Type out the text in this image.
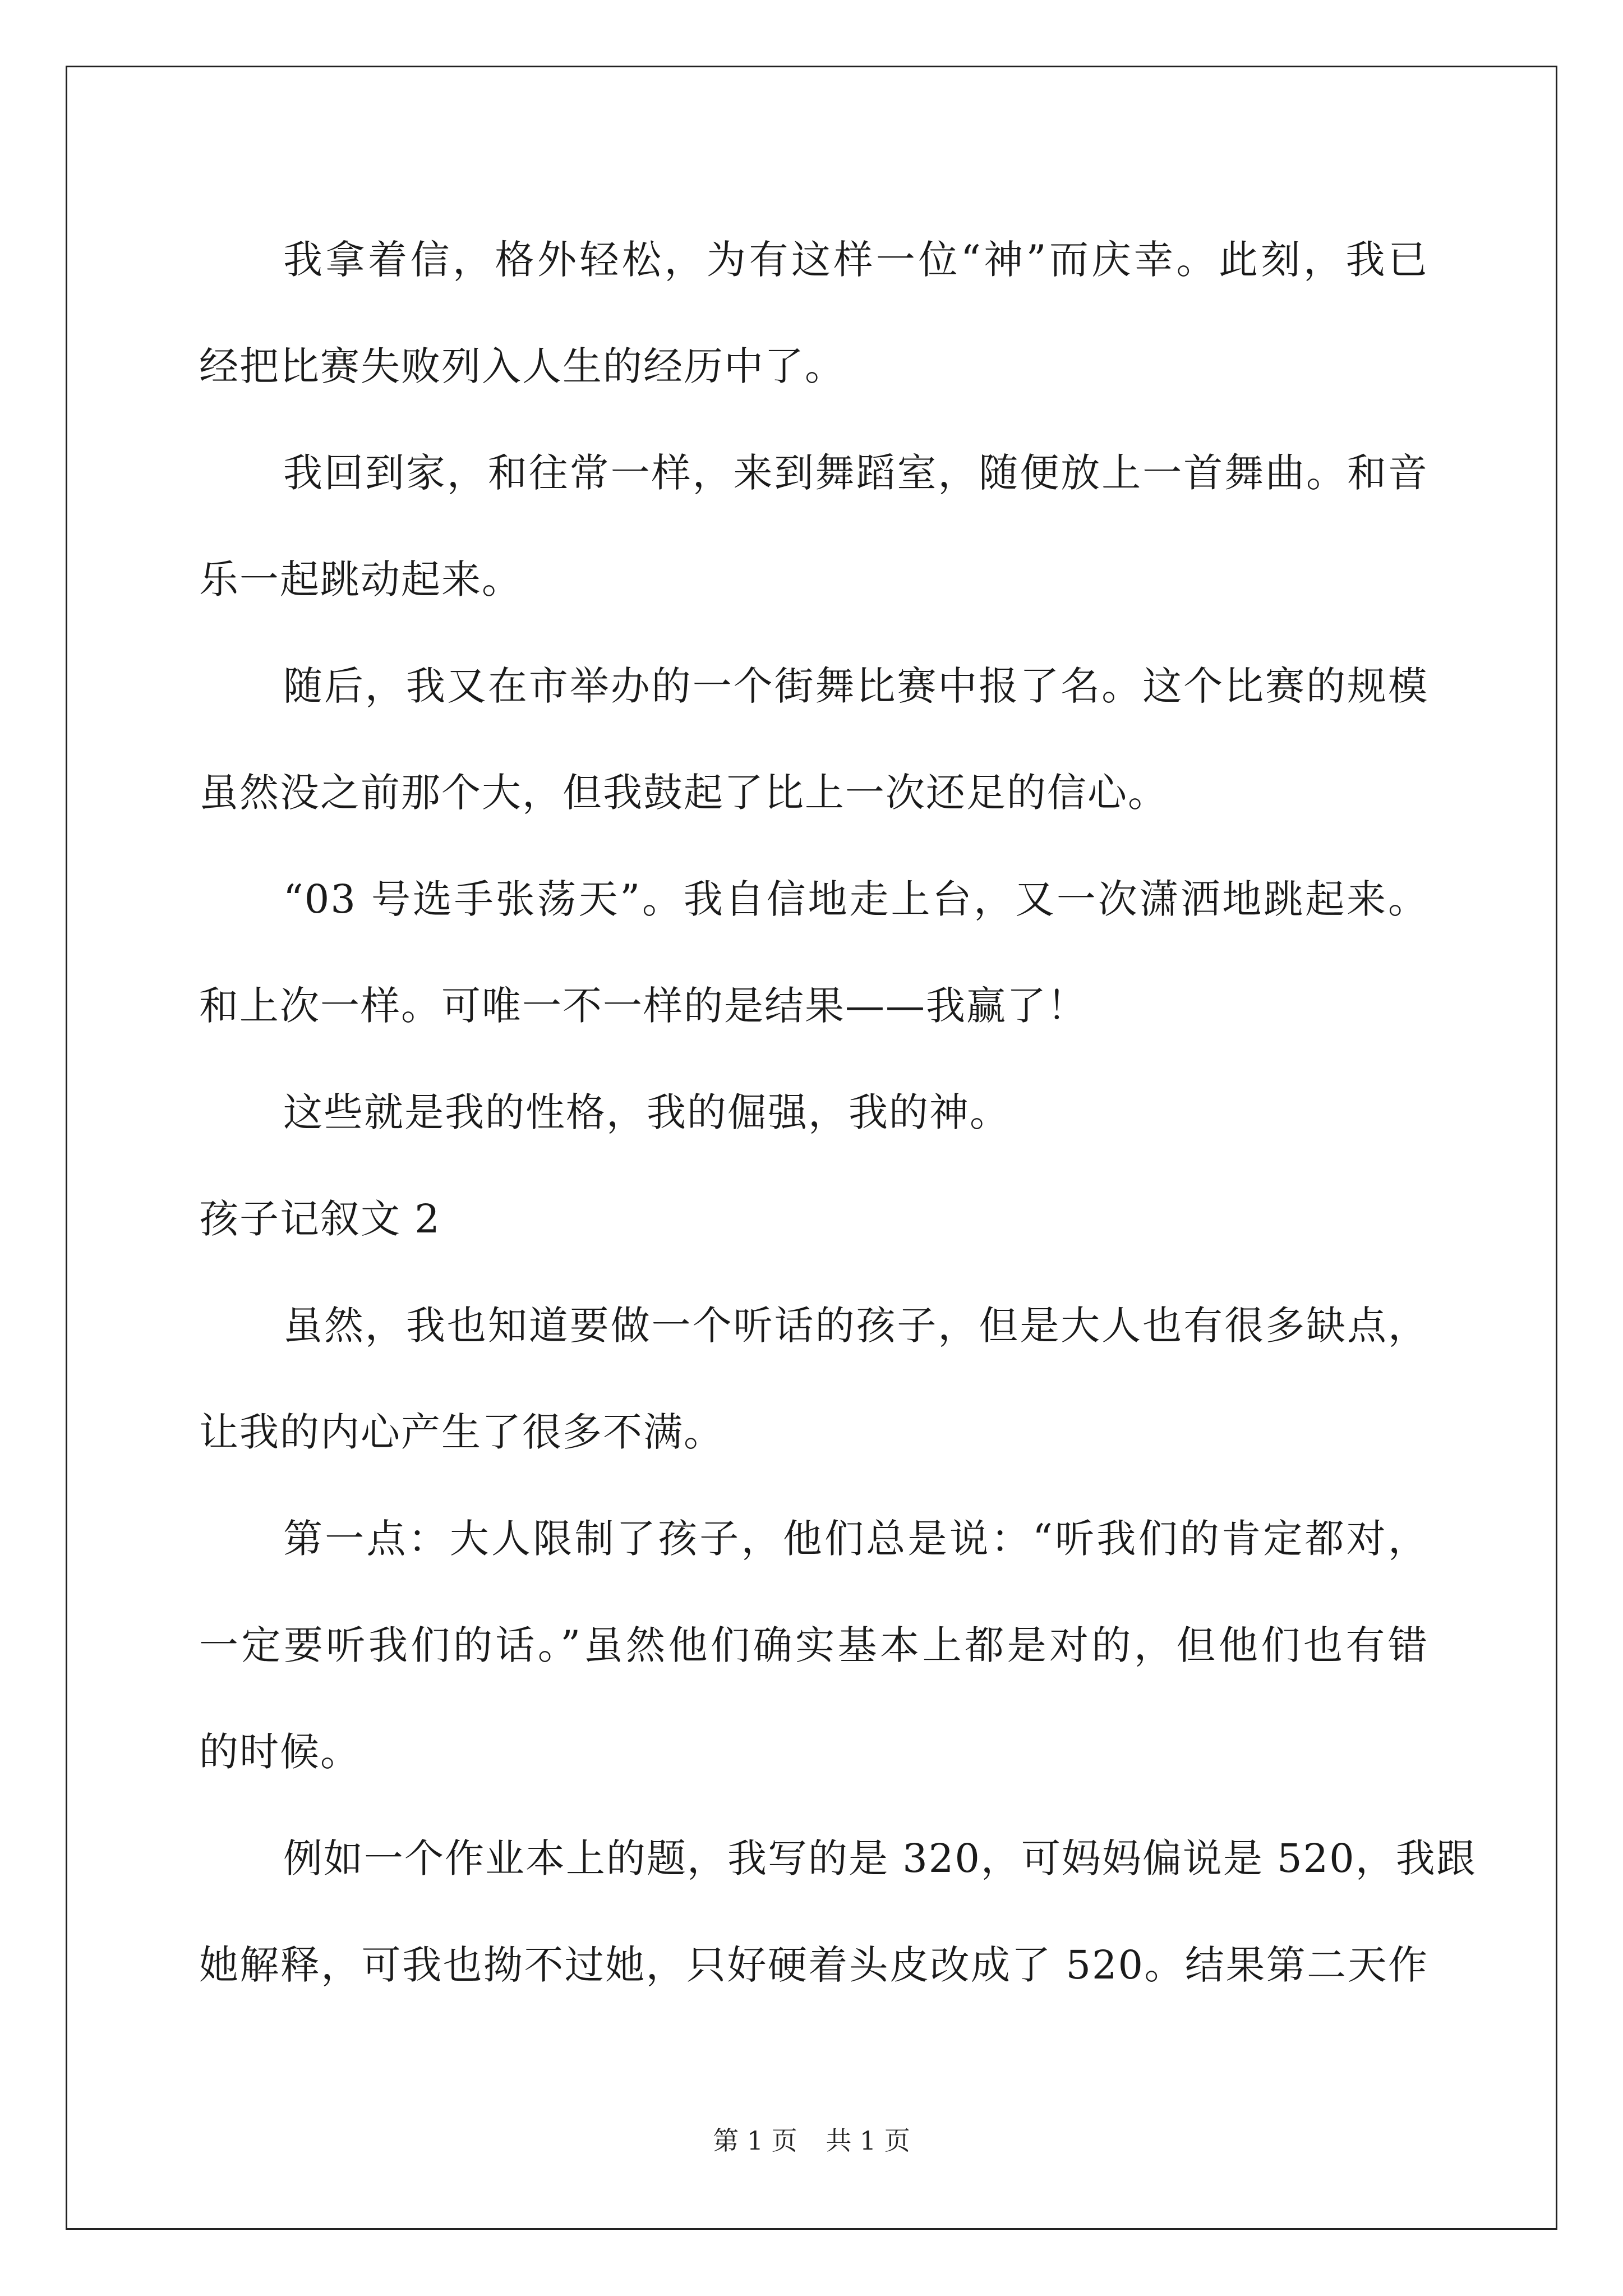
我拿着信，格外轻松，为有这样一位“神”而庆幸。此刻，我已

经把比赛失败列入人生的经历中了。

我回到家，和往常一样，来到舞蹈室，随便放上一首舞曲。和音

乐一起跳动起来。

随后，我又在市举办的一个街舞比赛中报了名。这个比赛的规模

虽然没之前那个大，但我鼓起了比上一次还足的信心。

“03 号选手张荡天”。我自信地走上台，又一次潇洒地跳起来。

和上次一样。可唯一不一样的是结果——我赢了！

这些就是我的性格，我的倔强，我的神。

孩子记叙文 2

虽然，我也知道要做一个听话的孩子，但是大人也有很多缺点，

让我的内心产生了很多不满。

第一点：大人限制了孩子，他们总是说：“听我们的肯定都对，

一定要听我们的话。”虽然他们确实基本上都是对的，但他们也有错

的时候。

例如一个作业本上的题，我写的是 320，可妈妈偏说是 520，我跟

她解释，可我也拗不过她，只好硬着头皮改成了 520。结果第二天作

第 1 页 共 1 页
